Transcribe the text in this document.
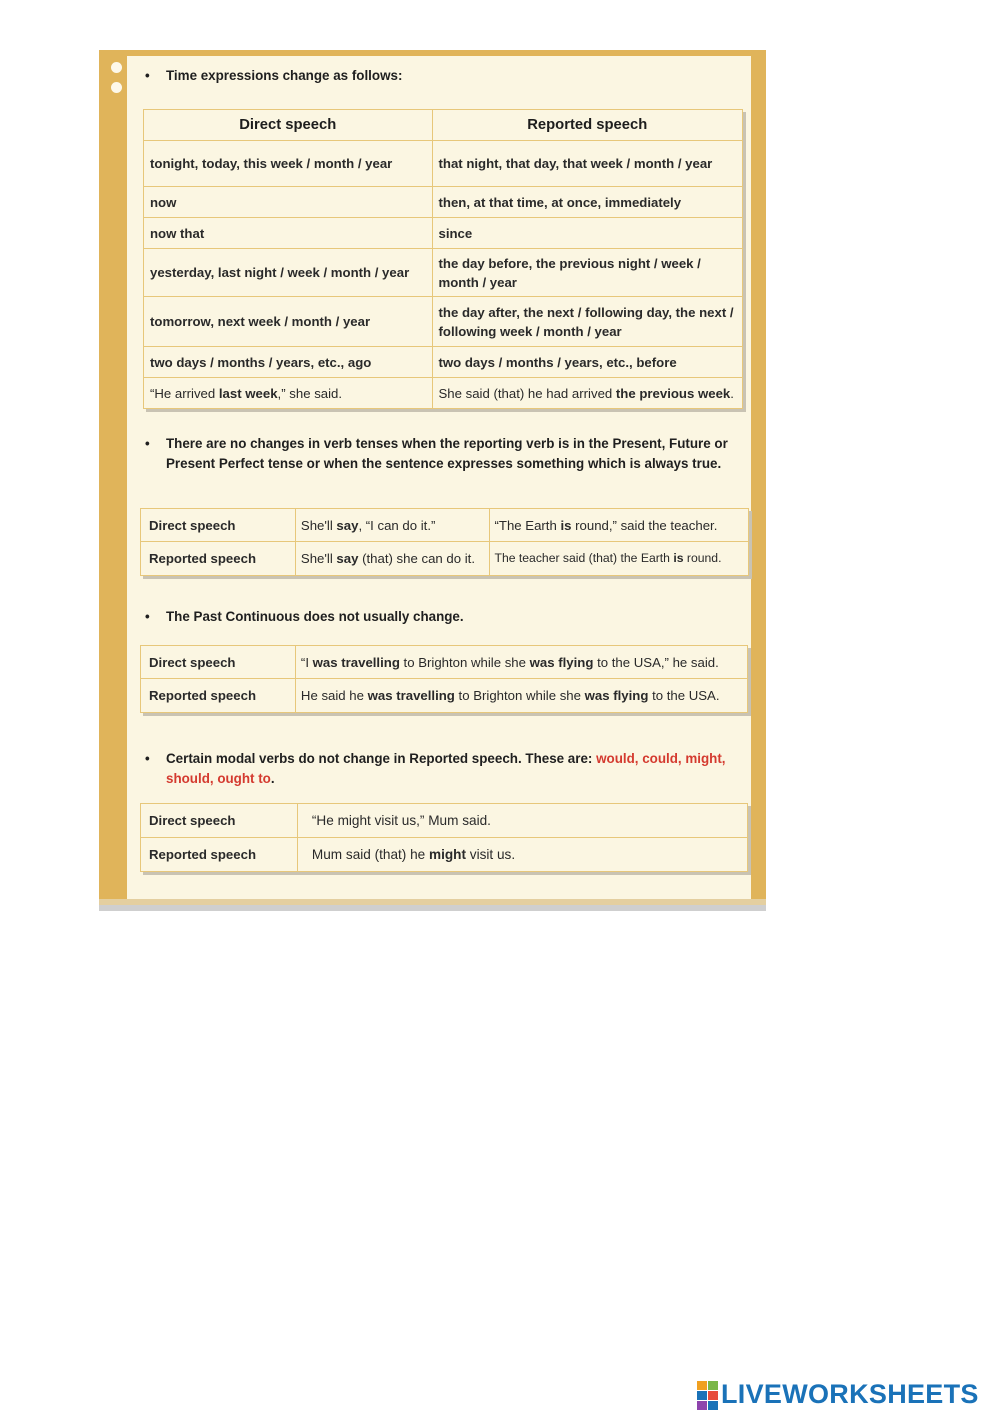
• Time expressions change as follows:
Direct speech	Reported speech
tonight, today, this week / month / year	that night, that day, that week / month / year
now	then, at that time, at once, immediately
now that	since
yesterday, last night / week / month / year	the day before, the previous night / week / month / year
tomorrow, next week / month / year	the day after, the next / following day, the next / following week / month / year
two days / months / years, etc., ago	two days / months / years, etc., before
“He arrived last week,” she said.	She said (that) he had arrived the previous week.
• There are no changes in verb tenses when the reporting verb is in the Present, Future or Present Perfect tense or when the sentence expresses something which is always true.
Direct speech	She'll say, “I can do it.”	“The Earth is round,” said the teacher.
Reported speech	She'll say (that) she can do it.	The teacher said (that) the Earth is round.
• The Past Continuous does not usually change.
Direct speech	“I was travelling to Brighton while she was flying to the USA,” he said.
Reported speech	He said he was travelling to Brighton while she was flying to the USA.
• Certain modal verbs do not change in Reported speech. These are: would, could, might, should, ought to.
Direct speech	“He might visit us,” Mum said.
Reported speech	Mum said (that) he might visit us.
LIVEWORKSHEETS
